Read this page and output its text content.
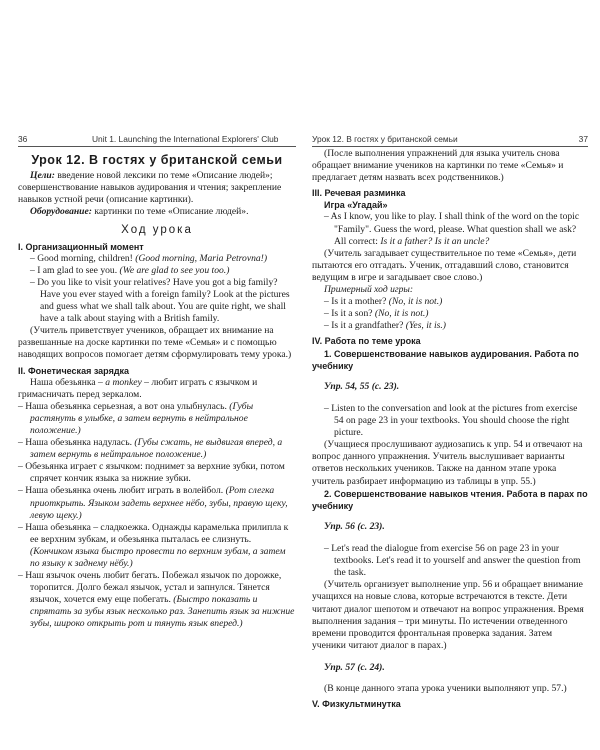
36	Unit 1. Launching the International Explorers' Club	Урок 12. В гостях у британской семьи	37
Урок 12. В гостях у британской семьи

Цели: введение новой лексики по теме «Описание людей»; совершенствование навыков аудирования и чтения; закрепление навыков устной речи (описание картинки).

Оборудование: картинки по теме «Описание людей».

Ход урока
I. Организационный момент

– Good morning, children! (Good morning, Maria Petrovna!)

– I am glad to see you. (We are glad to see you too.)

– Do you like to visit your relatives? Have you got a big family? Have you ever stayed with a foreign family? Look at the pictures and guess what we shall talk about. You are quite right, we shall have a talk about staying with a British family.

(Учитель приветствует учеников, обращает их внимание на развешанные на доске картинки по теме «Семья» и с помощью наводящих вопросов помогает детям сформулировать тему урока.)

II. Фонетическая зарядка

Наша обезьянка – a monkey – любит играть с язычком и гримасничать перед зеркалом.

– Наша обезьянка серьезная, а вот она улыбнулась. (Губы растянуть в улыбке, а затем вернуть в нейтральное положение.)

– Наша обезьянка надулась. (Губы сжать, не выдвигая вперед, а затем вернуть в нейтральное положение.)

– Обезьянка играет с язычком: поднимет за верхние зубки, потом спрячет кончик языка за нижние зубки.

– Наша обезьянка очень любит играть в волейбол. (Рот слегка приоткрыть. Языком задеть верхнее нёбо, зубы, правую щеку, левую щеку.)

– Наша обезьянка – сладкоежка. Однажды карамелька прилипла к ее верхним зубкам, и обезьянка пыталась ее слизнуть. (Кончиком языка быстро провести по верхним зубам, а затем по языку к заднему нёбу.)

– Наш язычок очень любит бегать. Побежал язычок по дорожке, торопится. Долго бежал язычок, устал и запнулся. Тянется язычок, хочется ему еще побегать. (Быстро показать и спрятать за зубы язык несколько раз. Занепить язык за нижние зубы, широко открыть рот и тянуть язык вперед.)

(После выполнения упражнений для языка учитель снова обращает внимание учеников на картинки по теме «Семья» и предлагает детям назвать всех родственников.)

III. Речевая разминка
Игра «Угадай»

– As I know, you like to play. I shall think of the word on the topic "Family". Guess the word, please. What question shall we ask? All correct: Is it a father? Is it an uncle?

(Учитель загадывает существительное по теме «Семья», дети пытаются его отгадать. Ученик, отгадавший слово, становится ведущим в игре и загадывает свое слово.)

Примерный ход игры:

– Is it a mother? (No, it is not.)

– Is it a son? (No, it is not.)

– Is it a grandfather? (Yes, it is.)

IV. Работа по теме урока
1. Совершенствование навыков аудирования. Работа по учебнику

Упр. 54, 55 (с. 23).

– Listen to the conversation and look at the pictures from exercise 54 on page 23 in your textbooks. You should choose the right picture.

(Учащиеся прослушивают аудиозапись к упр. 54 и отвечают на вопрос данного упражнения. Учитель выслушивает варианты ответов нескольких учеников. Также на данном этапе урока учитель разбирает информацию из таблицы в упр. 55.)

2. Совершенствование навыков чтения. Работа в парах по учебнику

Упр. 56 (с. 23).

– Let's read the dialogue from exercise 56 on page 23 in your textbooks. Let's read it to yourself and answer the question from the task.

(Учитель организует выполнение упр. 56 и обращает внимание учащихся на новые слова, которые встречаются в тексте. Дети читают диалог шепотом и отвечают на вопрос упражнения. Время выполнения задания – три минуты. По истечении отведенного времени проводится фронтальная проверка задания. Затем ученики читают диалог в парах.)

Упр. 57 (с. 24).

(В конце данного этапа урока ученики выполняют упр. 57.)

V. Физкультминутка
